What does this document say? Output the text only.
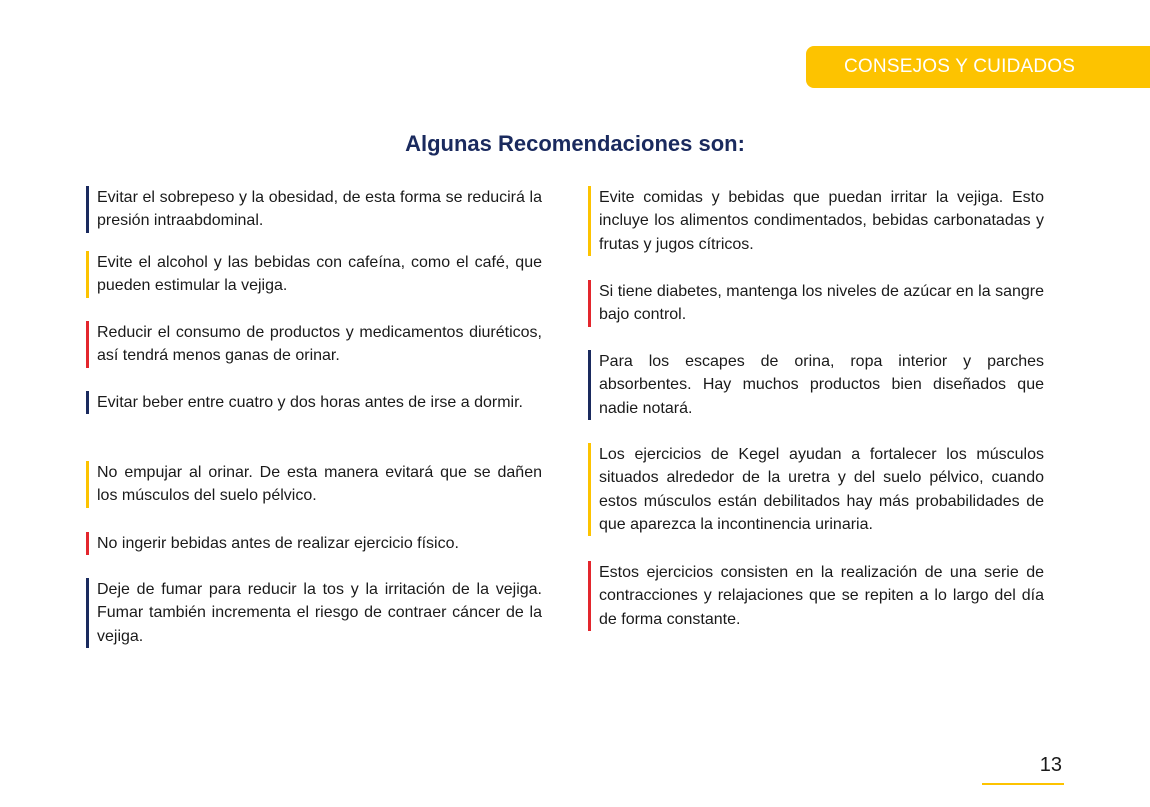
CONSEJOS Y CUIDADOS
Algunas Recomendaciones son:
Evitar el sobrepeso y la obesidad, de esta forma se reducirá la presión intraabdominal.
Evite el alcohol y las bebidas con cafeína, como el café, que pueden estimular la vejiga.
Reducir el consumo de productos y medicamentos diuréticos, así tendrá menos ganas de orinar.
Evitar beber entre cuatro y dos horas antes de irse a dormir.
No empujar al orinar. De esta manera evitará que se dañen los músculos del suelo pélvico.
No ingerir bebidas antes de realizar ejercicio físico.
Deje de fumar para reducir la tos y la irritación de la vejiga. Fumar también incrementa el riesgo de contraer cáncer de la vejiga.
Evite comidas y bebidas que puedan irritar la vejiga. Esto incluye los alimentos condimentados, bebidas carbonatadas y frutas y jugos cítricos.
Si tiene diabetes, mantenga los niveles de azúcar en la sangre bajo control.
Para los escapes de orina, ropa interior y parches absorbentes. Hay muchos productos bien diseñados que nadie notará.
Los ejercicios de Kegel ayudan a fortalecer los músculos situados alrededor de la uretra y del suelo pélvico, cuando estos músculos están debilitados hay más probabilidades de que aparezca la incontinencia urinaria.
Estos ejercicios consisten en la realización de una serie de contracciones y relajaciones que se repiten a lo largo del día de forma constante.
13
